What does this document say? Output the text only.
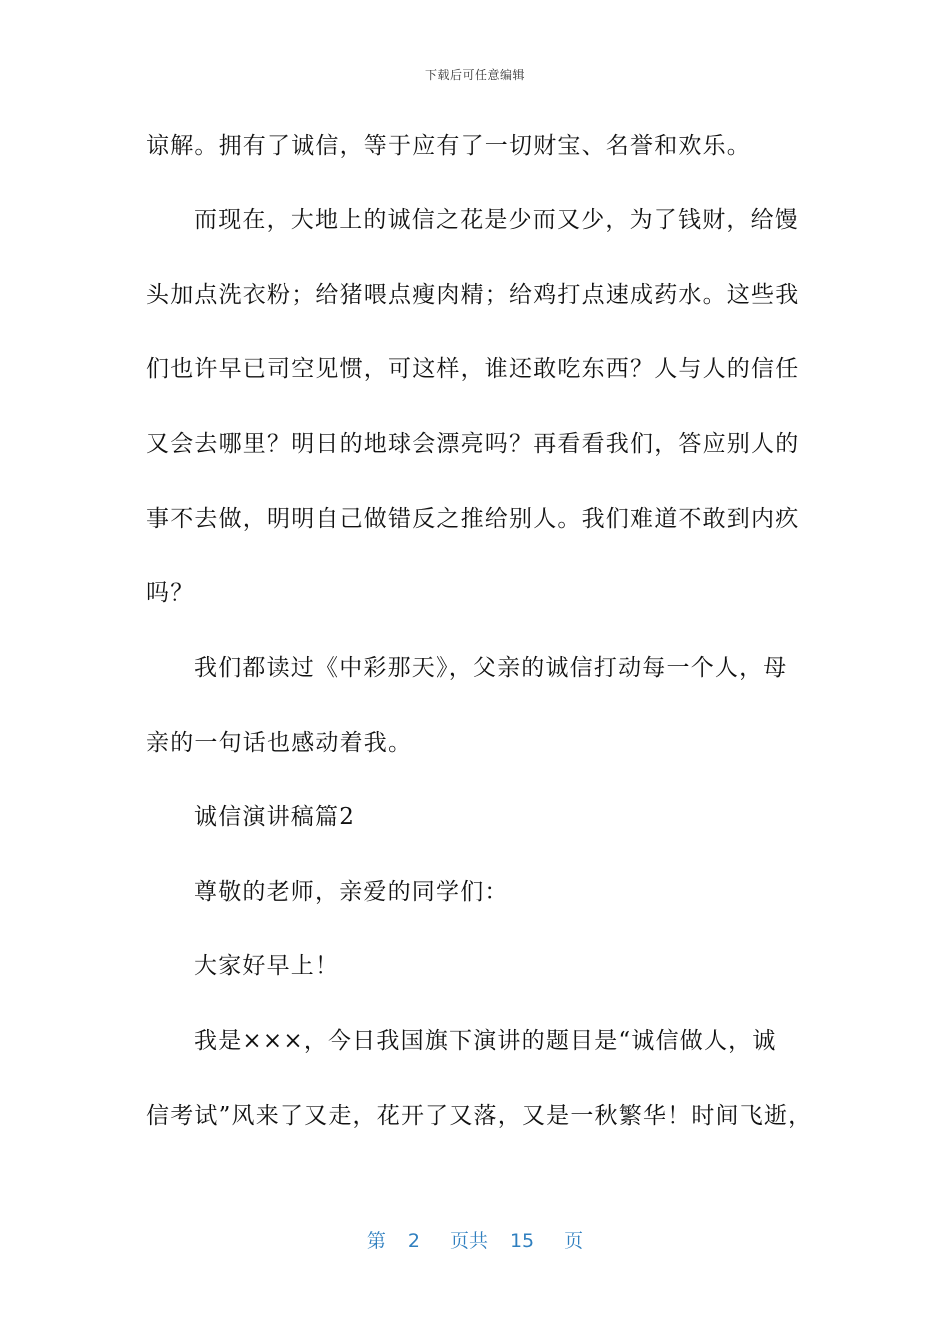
下载后可任意编辑
谅解。拥有了诚信，等于应有了一切财宝、名誉和欢乐。
而现在，大地上的诚信之花是少而又少，为了钱财，给馒
头加点洗衣粉；给猪喂点瘦肉精；给鸡打点速成药水。这些我
们也许早已司空见惯，可这样，谁还敢吃东西？人与人的信任
又会去哪里？明日的地球会漂亮吗？再看看我们，答应别人的
事不去做，明明自己做错反之推给别人。我们难道不敢到内疚
吗？
我们都读过《中彩那天》，父亲的诚信打动每一个人，母
亲的一句话也感动着我。
诚信演讲稿篇2
尊敬的老师，亲爱的同学们：
大家好早上！
我是×××，今日我国旗下演讲的题目是“诚信做人，诚
信考试”风来了又走，花开了又落，又是一秋繁华！时间飞逝，
第 2 页共 15 页
